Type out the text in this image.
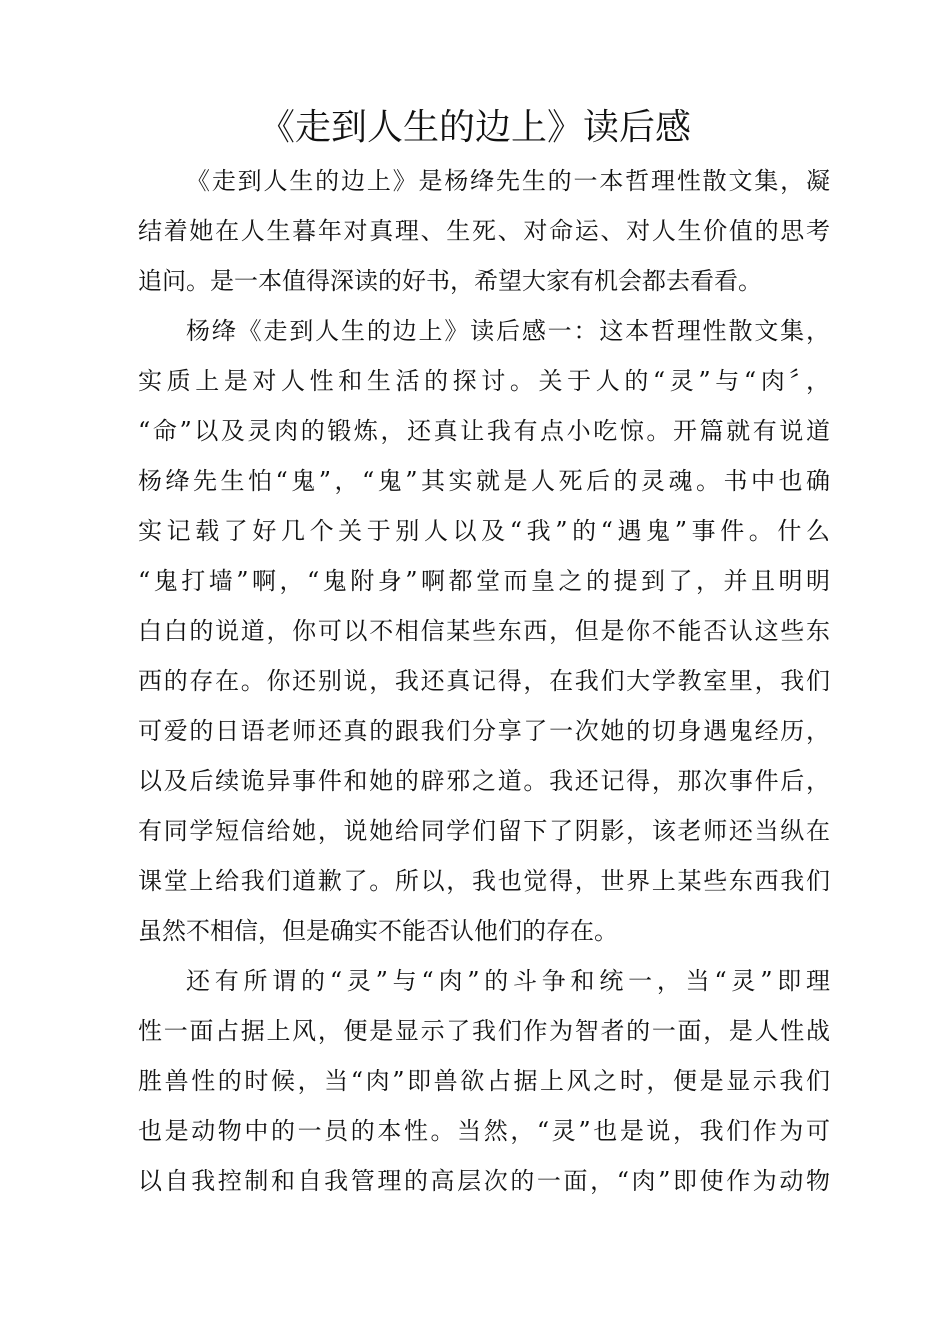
《走到人生的边上》读后感
《走到人生的边上》是杨绛先生的一本哲理性散文集，凝
结着她在人生暮年对真理、生死、对命运、对人生价值的思考
追问。是一本值得深读的好书，希望大家有机会都去看看。
杨绛《走到人生的边上》读后感一：这本哲理性散文集，
实质上是对人性和生活的探讨。关于人的“灵”与“肉〞，
“命”以及灵肉的锻炼，还真让我有点小吃惊。开篇就有说道
杨绛先生怕“鬼”，“鬼”其实就是人死后的灵魂。书中也确
实记载了好几个关于别人以及“我”的“遇鬼”事件。什么
“鬼打墙”啊，“鬼附身”啊都堂而皇之的提到了，并且明明
白白的说道，你可以不相信某些东西，但是你不能否认这些东
西的存在。你还别说，我还真记得，在我们大学教室里，我们
可爱的日语老师还真的跟我们分享了一次她的切身遇鬼经历，
以及后续诡异事件和她的辟邪之道。我还记得，那次事件后，
有同学短信给她，说她给同学们留下了阴影，该老师还当纵在
课堂上给我们道歉了。所以，我也觉得，世界上某些东西我们
虽然不相信，但是确实不能否认他们的存在。
还有所谓的“灵”与“肉”的斗争和统一，当“灵”即理
性一面占据上风，便是显示了我们作为智者的一面，是人性战
胜兽性的时候，当“肉”即兽欲占据上风之时，便是显示我们
也是动物中的一员的本性。当然，“灵”也是说，我们作为可
以自我控制和自我管理的高层次的一面，“肉”即使作为动物
